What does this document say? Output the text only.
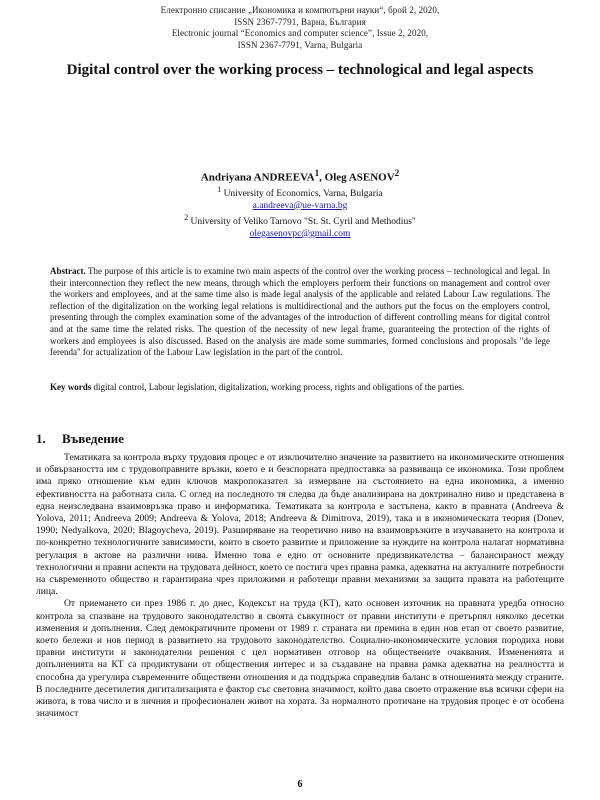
Електронно списание „Икономика и компютърни науки“, брой 2, 2020,
ISSN 2367-7791, Варна, България
Electronic journal “Economics and computer science”, Issue 2, 2020,
ISSN 2367-7791, Varna, Bulgaria
Digital control over the working process – technological and legal aspects
Andriyana ANDREEVA$^1$, Oleg ASENOV$^2$
$^1$ University of Economics, Varna, Bulgaria
a.andreeva@ue-varna.bg
$^2$ University of Veliko Tarnovo "St. St. Cyril and Methodius"
olegasenovpc@gmail.com
Abstract. The purpose of this article is to examine two main aspects of the control over the working process – technological and legal. In their interconnection they reflect the new means, through which the employers perform their functions on management and control over the workers and employees, and at the same time also is made legal analysis of the applicable and related Labour Law regulations. The reflection of the digitalization on the working legal relations is multidirectional and the authors put the focus on the employers control, presenting through the complex examination some of the advantages of the introduction of different controlling means for digital control and at the same time the related risks. The question of the necessity of new legal frame, guaranteeing the protection of the rights of workers and employees is also discussed. Based on the analysis are made some summaries, formed conclusions and proposals "de lege ferenda" for actualization of the Labour Law legislation in the part of the control.
Key words digital control, Labour legislation, digitalization, working process, rights and obligations of the parties.
1. Въведение

Тематиката за контрола върху трудовия процес е от изключително значение за развитието на икономическите отношения и обвързаността им с трудовоправните връзки, което е и безспорната предпоставка за развиваща се икономика. Този проблем има пряко отношение към един ключов макропоказател за измерване на състоянието на една икономика, а именно ефективността на работната сила. С оглед на последното тя следва да бъде анализирана на доктринално ниво и представена в една неизследвана взаимовръзка право и информатика. Тематиката за контрола е застъпена, както в правната (Andreeva & Yolova, 2011; Andreeva 2009; Andreeva & Yolova, 2018; Andreeva & Dimitrova, 2019), така и в икономическата теория (Donev, 1990; Nedyalkova, 2020; Blagoycheva, 2019). Разширяване на теоретично ниво на взаимовръзките в изучаването на контрола и по-конкретно технологичните зависимости, които в своето развитие и приложение за нуждите на контрола налагат нормативна регулация в актове на различни нива. Именно това е едно от основните предизвикателства – балансираност между технологични и правни аспекти на трудовата дейност, което се постига чрез правна рамка, адекватна на актуалните потребности на съвременното общество и гарантирана чрез приложими и работещи правни механизми за защита правата на работещите лица.

От приемането си през 1986 г. до днес, Кодексът на труда (КТ), като основен източник на правната уредба относно контрола за спазване на трудовото законодателство в своята съвкупност от правни институти е претърпял няколко десетки изменения и допълнения. След демократичните промени от 1989 г. страната ни премина в един нов етап от своето развитие, което бележи и нов период в развитието на трудовото законодателство. Социално-икономическите условия породиха нови правни институти и законодателни решения с цел нормативен отговор на обществените очаквания. Измененията и допълненията на КТ са продиктувани от обществения интерес и за създаване на правна рамка адекватна на реалността и способна да урегулира съвременните обществени отношения и да поддържа справедлив баланс в отношенията между страните. В последните десетилетия дигитализацията е фактор със световна значимост, който дава своето отражение във всички сфери на живота, в това число и в личния и професионален живот на хората. За нормалното протичане на трудовия процес е от особена значимост

6
